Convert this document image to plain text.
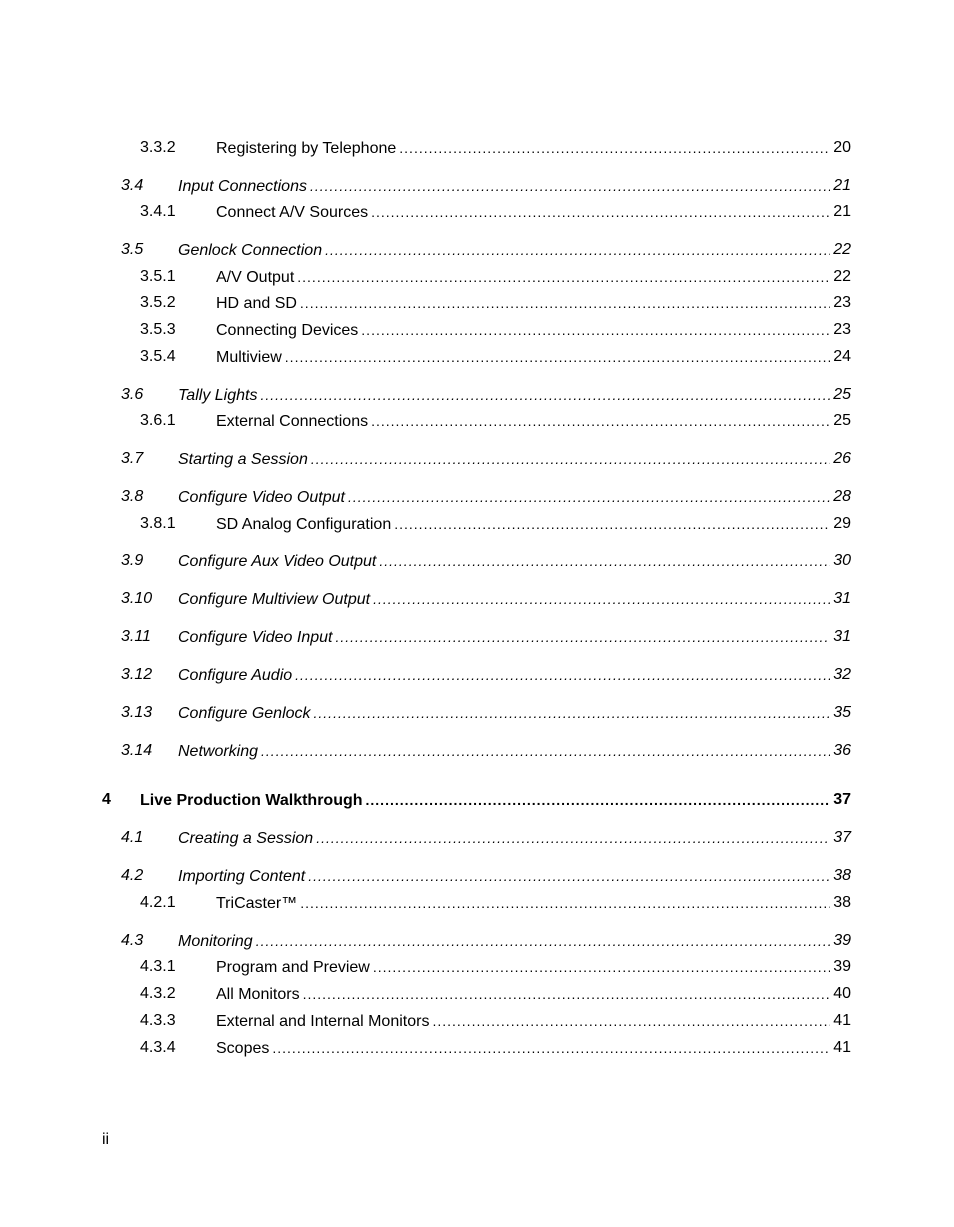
3.3.2	Registering by Telephone .....	20
3.4 Input Connections .....	21
3.4.1	Connect A/V Sources .....	21
3.5 Genlock Connection .....	22
3.5.1	A/V Output .....	22
3.5.2	HD and SD .....	23
3.5.3	Connecting Devices .....	23
3.5.4	Multiview .....	24
3.6 Tally Lights .....	25
3.6.1	External Connections .....	25
3.7 Starting a Session .....	26
3.8 Configure Video Output .....	28
3.8.1	SD Analog Configuration .....	29
3.9 Configure Aux Video Output .....	30
3.10 Configure Multiview Output .....	31
3.11 Configure Video Input .....	31
3.12 Configure Audio .....	32
3.13 Configure Genlock .....	35
3.14 Networking .....	36
4 Live Production Walkthrough .....	37
4.1 Creating a Session .....	37
4.2 Importing Content .....	38
4.2.1	TriCaster™ .....	38
4.3 Monitoring .....	39
4.3.1	Program and Preview .....	39
4.3.2	All Monitors .....	40
4.3.3	External and Internal Monitors .....	41
4.3.4	Scopes .....	41
ii
